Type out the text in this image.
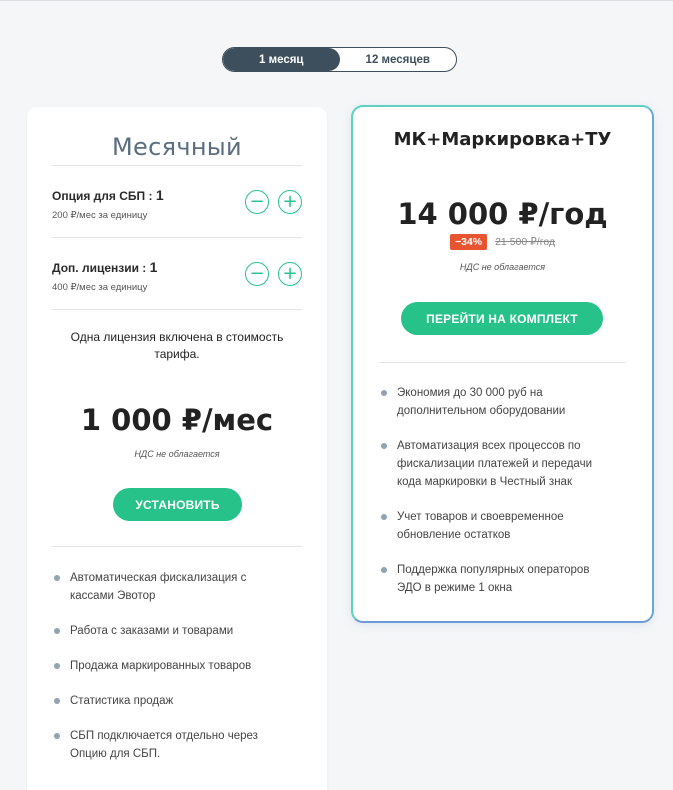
1 месяц	12 месяцев
Месячный
Опция для СБП : 1
200 ₽/мес за единицу
− +
Доп. лицензии : 1
400 ₽/мес за единицу
− +
Одна лицензия включена в стоимость тарифа.
1 000 ₽/мес
НДС не облагается
УСТАНОВИТЬ
Автоматическая фискализация с кассами Эвотор
Работа с заказами и товарами
Продажа маркированных товаров
Статистика продаж
СБП подключается отдельно через Опцию для СБП.
МК+Маркировка+ТУ
14 000 ₽/год
−34%	21 500 ₽/год
НДС не облагается
ПЕРЕЙТИ НА КОМПЛЕКТ
Экономия до 30 000 руб на дополнительном оборудовании
Автоматизация всех процессов по фискализации платежей и передачи кода маркировки в Честный знак
Учет товаров и своевременное обновление остатков
Поддержка популярных операторов ЭДО в режиме 1 окна
